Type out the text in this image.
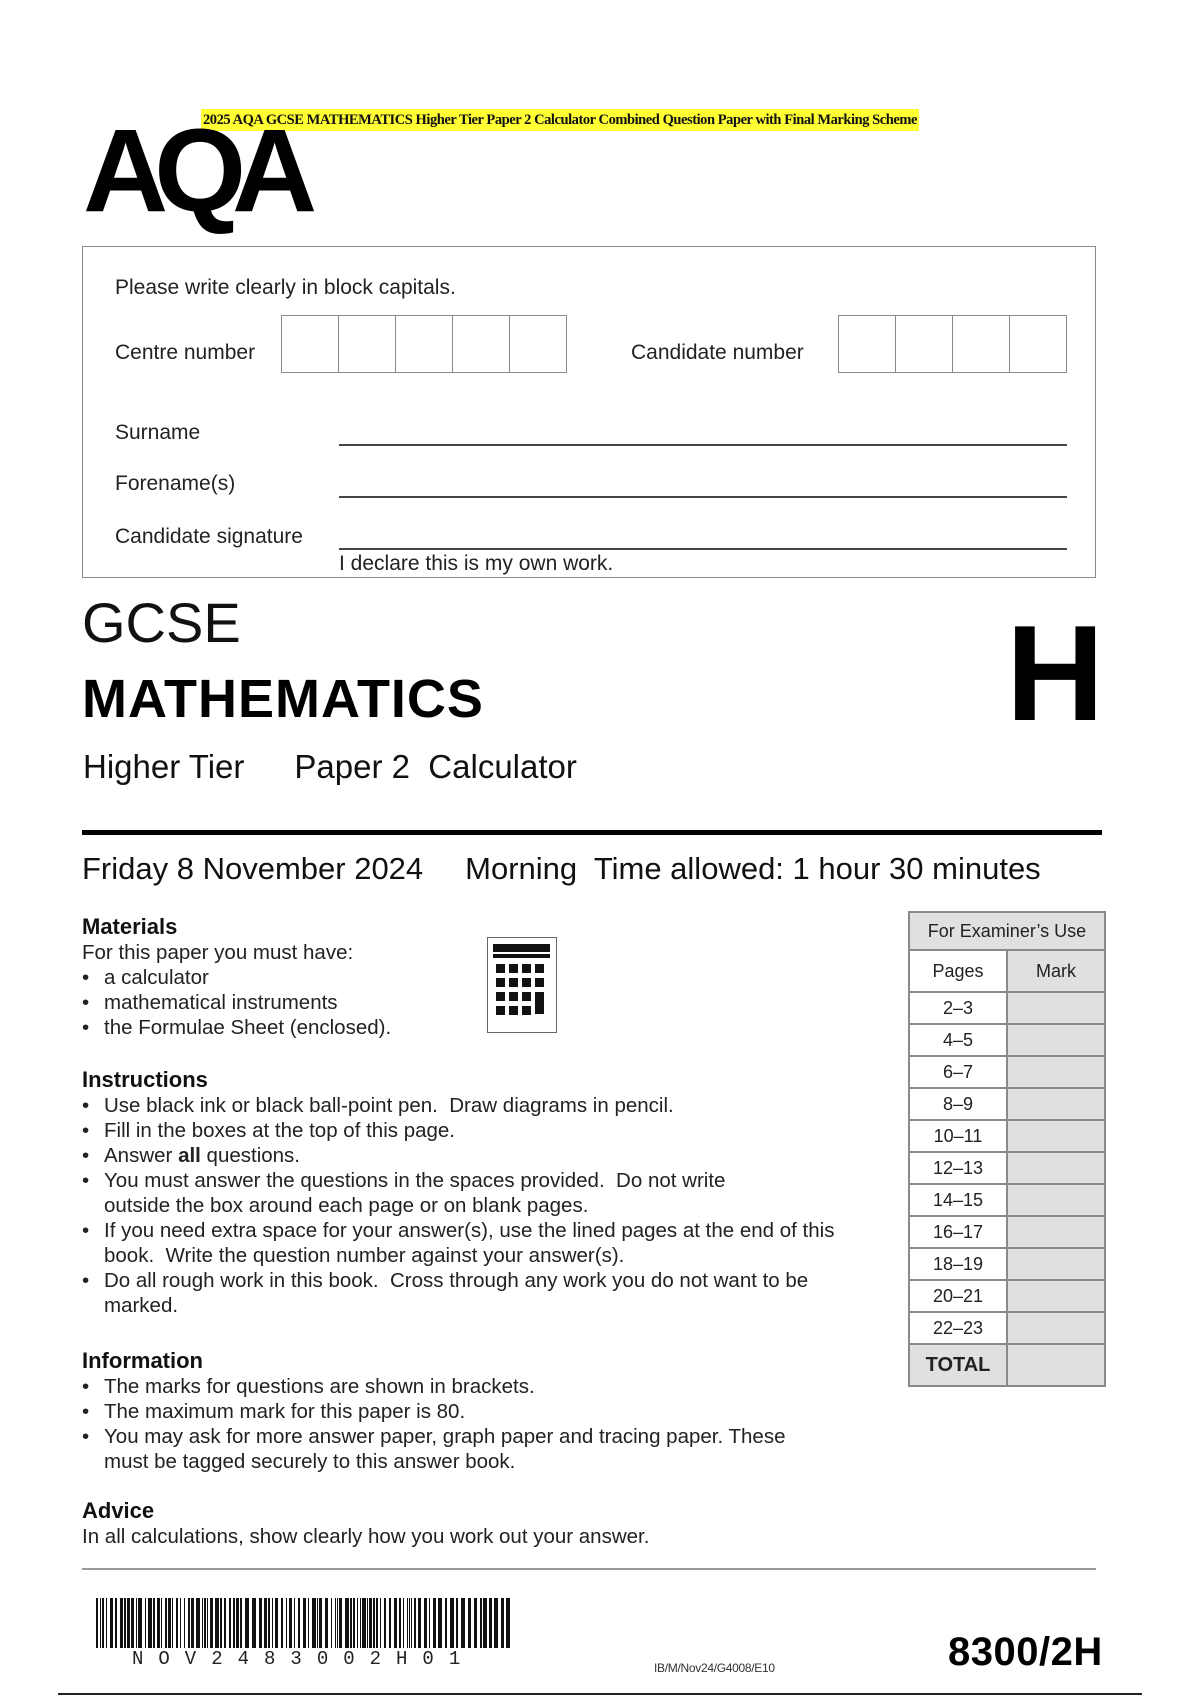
2025 AQA GCSE MATHEMATICS Higher Tier Paper 2 Calculator Combined Question Paper with Final Marking Scheme
AQA
Please write clearly in block capitals.
Centre number	Candidate number
Surname
Forename(s)
Candidate signature
I declare this is my own work.
GCSE
MATHEMATICS
Higher Tier Paper 2  Calculator
H
Friday 8 November 2024 Morning  Time allowed: 1 hour 30 minutes
Materials
For this paper you must have:
• a calculator
• mathematical instruments
• the Formulae Sheet (enclosed).
Instructions
• Use black ink or black ball-point pen.  Draw diagrams in pencil.
• Fill in the boxes at the top of this page.
• Answer all questions.
• You must answer the questions in the spaces provided.  Do not write outside the box around each page or on blank pages.
• If you need extra space for your answer(s), use the lined pages at the end of this book.  Write the question number against your answer(s).
• Do all rough work in this book.  Cross through any work you do not want to be marked.
Information
• The marks for questions are shown in brackets.
• The maximum mark for this paper is 80.
• You may ask for more answer paper, graph paper and tracing paper. These must be tagged securely to this answer book.
Advice
In all calculations, show clearly how you work out your answer.
For Examiner’s Use	
Pages	Mark
2–3	
4–5	
6–7	
8–9	
10–11	
12–13	
14–15	
16–17	
18–19	
20–21	
22–23	
TOTAL	
NOV2483002H01	IB/M/Nov24/G4008/E10	8300/2H
